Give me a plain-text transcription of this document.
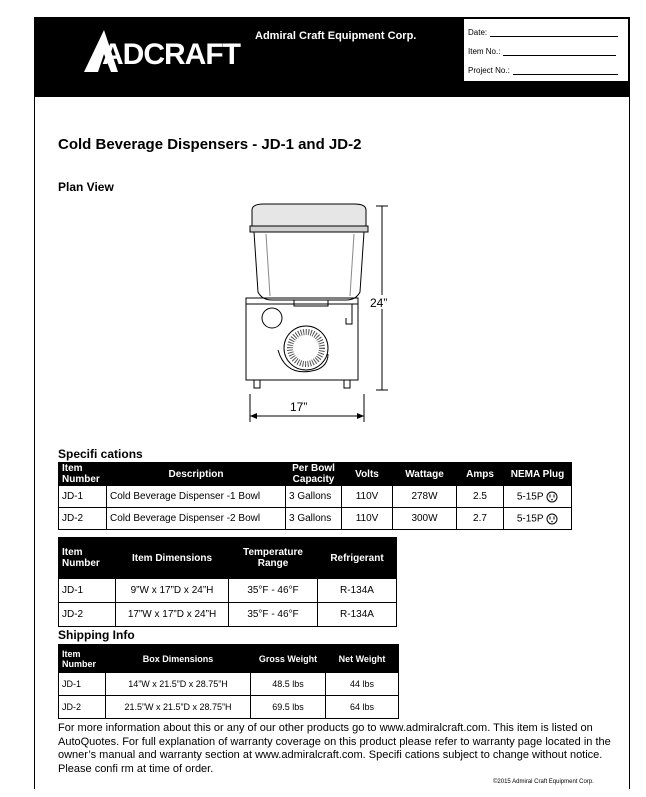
ADCRAFT
Admiral Craft Equipment Corp.	Date:
Item No.:
Project No.:
Cold Beverage Dispensers - JD-1 and JD-2
Plan View
24”
17”
Specifi cations
Item Number	Description	Per Bowl Capacity	Volts	Wattage	Amps	NEMA Plug
JD-1	Cold Beverage Dispenser -1 Bowl	3 Gallons	110V	278W	2.5	5-15P
JD-2	Cold Beverage Dispenser -2 Bowl	3 Gallons	110V	300W	2.7	5-15P
Item Number	Item Dimensions	Temperature Range	Refrigerant
JD-1	9”W x 17”D x 24”H	35°F - 46°F	R-134A
JD-2	17”W x 17”D x 24”H	35°F - 46°F	R-134A
Shipping Info
Item Number	Box Dimensions	Gross Weight	Net Weight
JD-1	14”W x 21.5”D x 28.75”H	48.5 lbs	44 lbs
JD-2	21.5”W x 21.5”D x 28.75”H	69.5 lbs	64 lbs
For more information about this or any of our other products go to www.admiralcraft.com. This item is listed on AutoQuotes. For full explanation of warranty coverage on this product please refer to warranty page located in the owner’s manual and warranty section at www.admiralcraft.com. Specifi cations subject to change without notice. Please confi rm at time of order.
©2015 Admiral Craft Equipment Corp.
